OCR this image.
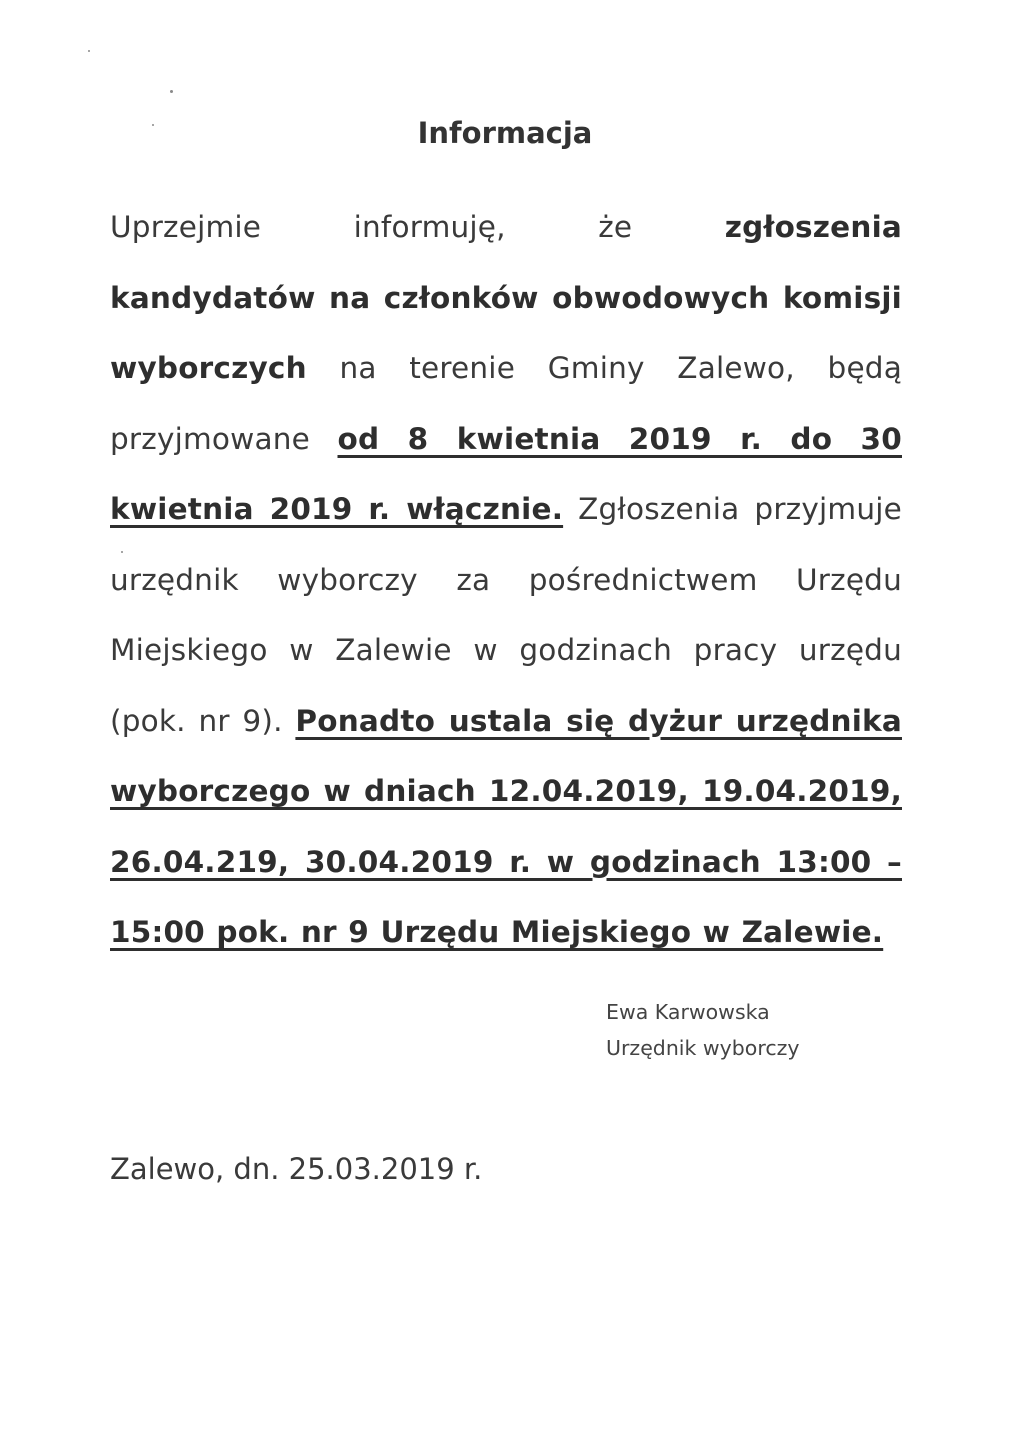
Informacja
Uprzejmie informuję, że zgłoszenia
kandydatów na członków obwodowych komisji
wyborczych na terenie Gminy Zalewo, będą
przyjmowane od 8 kwietnia 2019 r. do 30
kwietnia 2019 r. włącznie. Zgłoszenia przyjmuje
urzędnik wyborczy za pośrednictwem Urzędu
Miejskiego w Zalewie w godzinach pracy urzędu
(pok. nr 9). Ponadto ustala się dyżur urzędnika
wyborczego w dniach 12.04.2019, 19.04.2019,
26.04.219, 30.04.2019 r. w godzinach 13:00 –
15:00 pok. nr 9 Urzędu Miejskiego w Zalewie.
Ewa Karwowska
Urzędnik wyborczy
Zalewo, dn. 25.03.2019 r.
